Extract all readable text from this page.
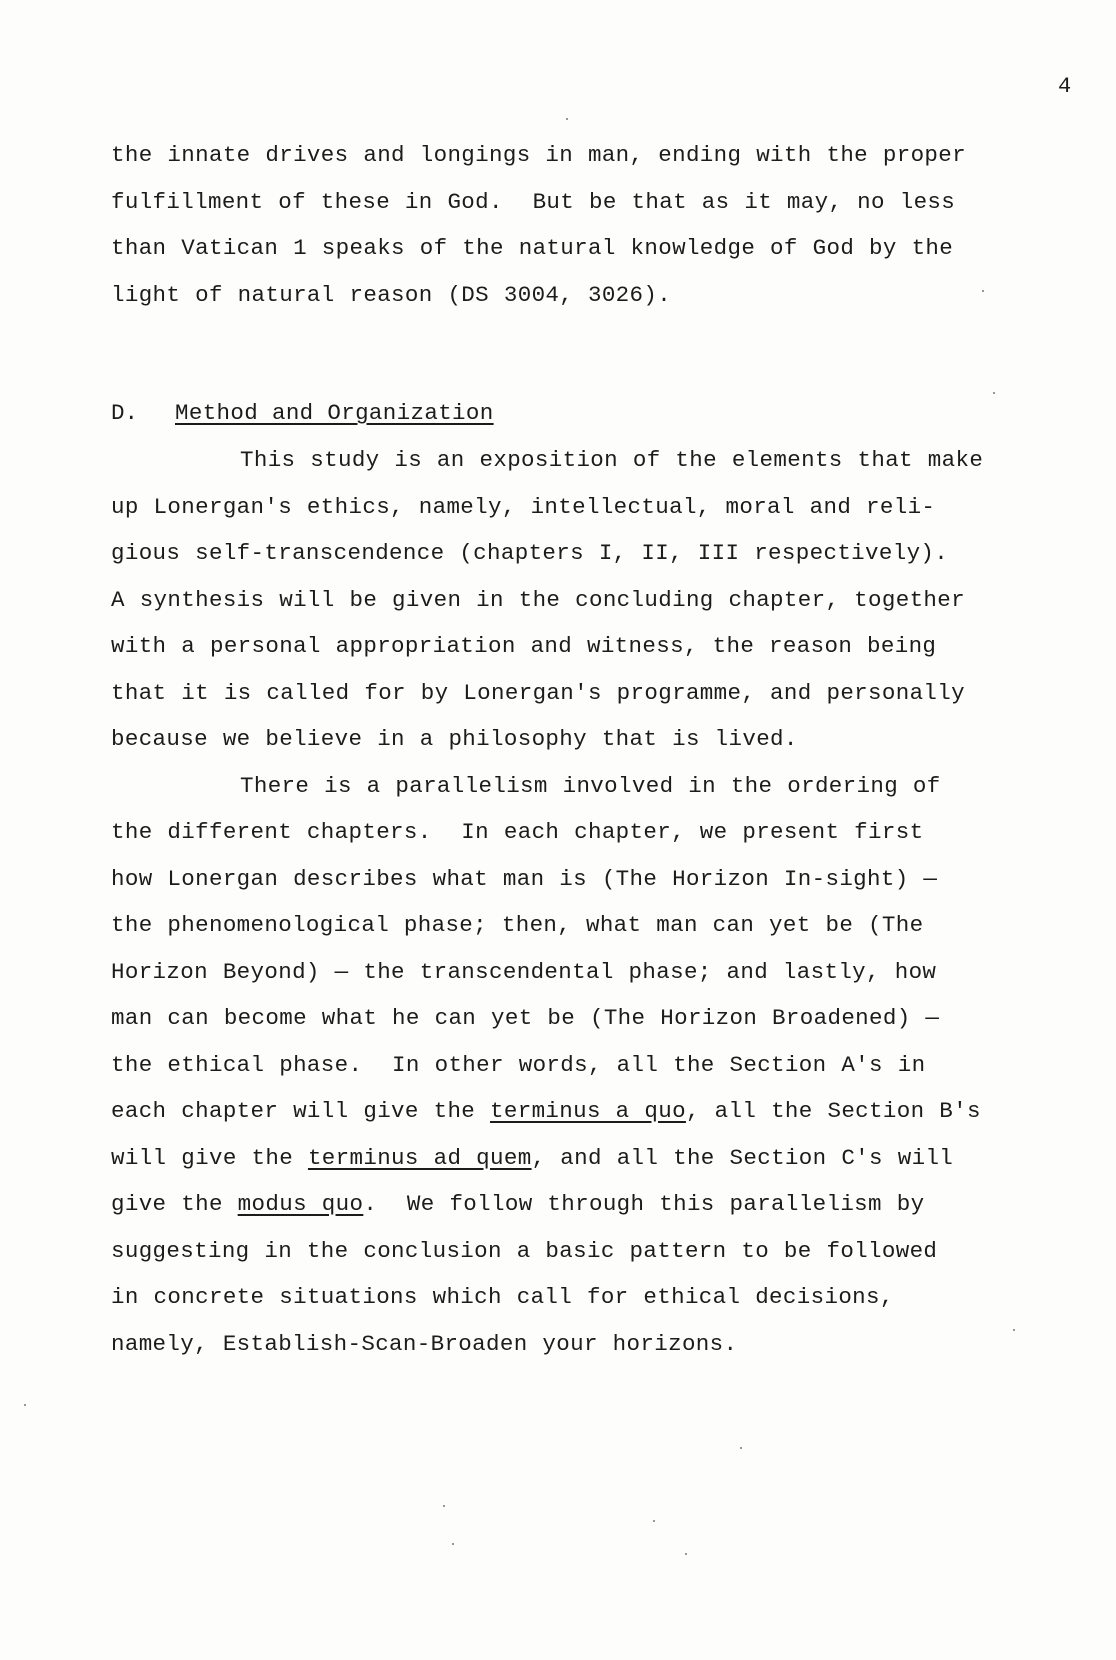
4
the innate drives and longings in man, ending with the proper
fulfillment of these in God.  But be that as it may, no less
than Vatican 1 speaks of the natural knowledge of God by the
light of natural reason (DS 3004, 3026).
D. Method and Organization
This study is an exposition of the elements that make
up Lonergan's ethics, namely, intellectual, moral and reli-
gious self-transcendence (chapters I, II, III respectively).
A synthesis will be given in the concluding chapter, together
with a personal appropriation and witness, the reason being
that it is called for by Lonergan's programme, and personally
because we believe in a philosophy that is lived.
There is a parallelism involved in the ordering of
the different chapters.  In each chapter, we present first
how Lonergan describes what man is (The Horizon In-sight) —
the phenomenological phase; then, what man can yet be (The
Horizon Beyond) — the transcendental phase; and lastly, how
man can become what he can yet be (The Horizon Broadened) —
the ethical phase.  In other words, all the Section A's in
each chapter will give the terminus a quo, all the Section B's
will give the terminus ad quem, and all the Section C's will
give the modus quo.  We follow through this parallelism by
suggesting in the conclusion a basic pattern to be followed
in concrete situations which call for ethical decisions,
namely, Establish-Scan-Broaden your horizons.
